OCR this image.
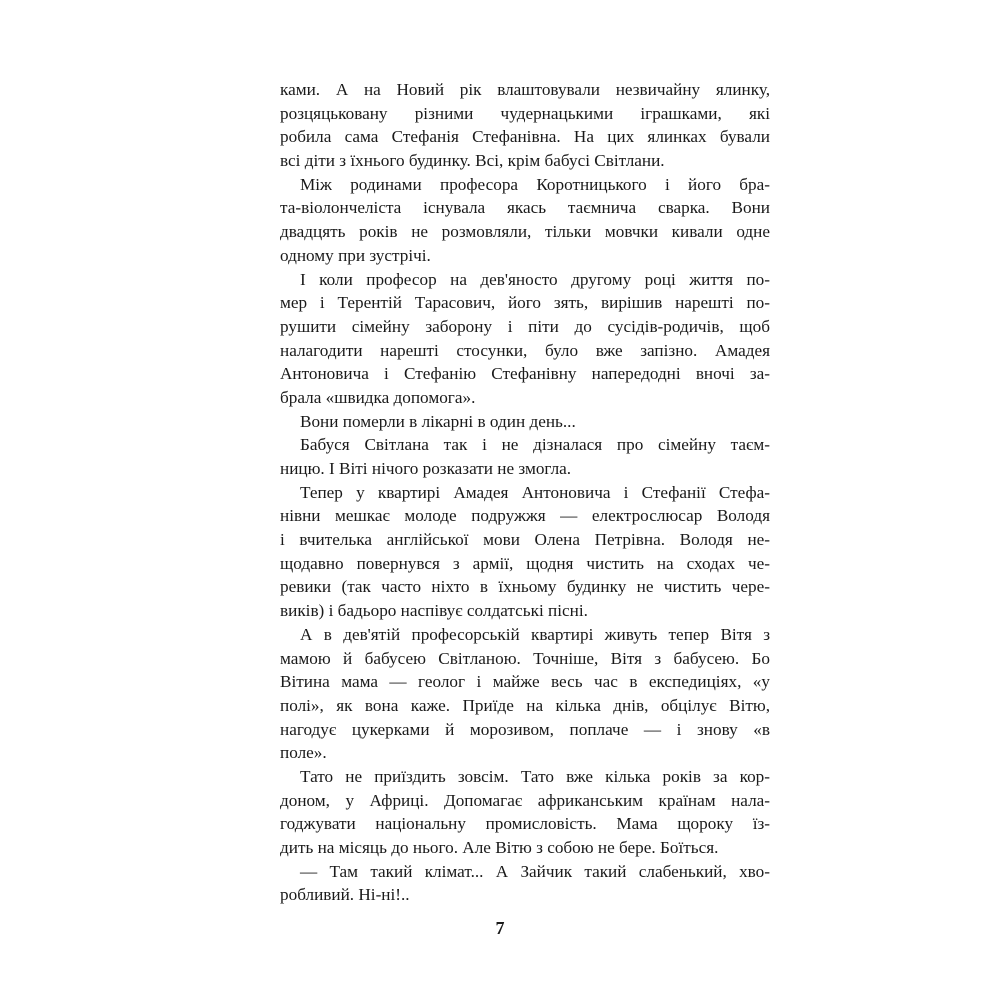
ками. А на Новий рік влаштовували незвичайну ялинку,
розцяцьковану різними чудернацькими іграшками, які
робила сама Стефанія Стефанівна. На цих ялинках бували
всі діти з їхнього будинку. Всі, крім бабусі Світлани.
Між родинами професора Коротницького і його бра-
та-віолончеліста існувала якась таємнича сварка. Вони
двадцять років не розмовляли, тільки мовчки кивали одне
одному при зустрічі.
І коли професор на дев'яносто другому році життя по-
мер і Терентій Тарасович, його зять, вирішив нарешті по-
рушити сімейну заборону і піти до сусідів-родичів, щоб
налагодити нарешті стосунки, було вже запізно. Амадея
Антоновича і Стефанію Стефанівну напередодні вночі за-
брала «швидка допомога».
Вони померли в лікарні в один день...
Бабуся Світлана так і не дізналася про сімейну таєм-
ницю. І Віті нічого розказати не змогла.
Тепер у квартирі Амадея Антоновича і Стефанії Стефа-
нівни мешкає молоде подружжя — електрослюсар Володя
і вчителька англійської мови Олена Петрівна. Володя не-
щодавно повернувся з армії, щодня чистить на сходах че-
ревики (так часто ніхто в їхньому будинку не чистить чере-
виків) і бадьоро наспівує солдатські пісні.
А в дев'ятій професорській квартирі живуть тепер Вітя з
мамою й бабусею Світланою. Точніше, Вітя з бабусею. Бо
Вітина мама — геолог і майже весь час в експедиціях, «у
полі», як вона каже. Приїде на кілька днів, обцілує Вітю,
нагодує цукерками й морозивом, поплаче — і знову «в
поле».
Тато не приїздить зовсім. Тато вже кілька років за кор-
доном, у Африці. Допомагає африканським країнам нала-
годжувати національну промисловість. Мама щороку їз-
дить на місяць до нього. Але Вітю з собою не бере. Боїться.
— Там такий клімат... А Зайчик такий слабенький, хво-
робливий. Ні-ні!..
7
